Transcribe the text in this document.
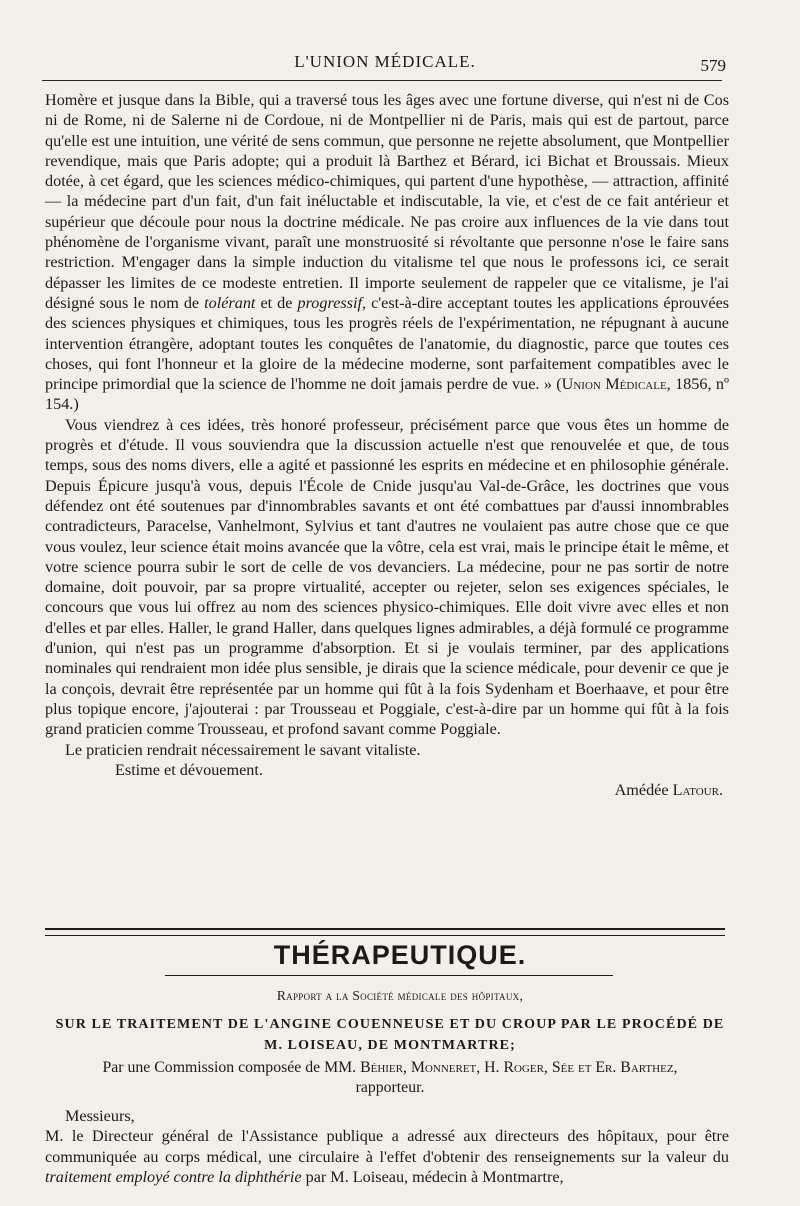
L'UNION MÉDICALE.	579

Homère et jusque dans la Bible, qui a traversé tous les âges avec une fortune diverse, qui n'est ni de Cos ni de Rome, ni de Salerne ni de Cordoue, ni de Montpellier ni de Paris, mais qui est de partout, parce qu'elle est une intuition, une vérité de sens commun, que personne ne rejette absolument, que Montpellier revendique, mais que Paris adopte; qui a produit là Barthez et Bérard, ici Bichat et Broussais. Mieux dotée, à cet égard, que les sciences médico-chimiques, qui partent d'une hypothèse, — attraction, affinité — la médecine part d'un fait, d'un fait inéluctable et indiscutable, la vie, et c'est de ce fait antérieur et supérieur que découle pour nous la doctrine médicale. Ne pas croire aux influences de la vie dans tout phénomène de l'organisme vivant, paraît une monstruosité si révoltante que personne n'ose le faire sans restriction. M'engager dans la simple induction du vitalisme tel que nous le professons ici, ce serait dépasser les limites de ce modeste entretien. Il importe seulement de rappeler que ce vitalisme, je l'ai désigné sous le nom de tolérant et de progressif, c'est-à-dire acceptant toutes les applications éprouvées des sciences physiques et chimiques, tous les progrès réels de l'expérimentation, ne répugnant à aucune intervention étrangère, adoptant toutes les conquêtes de l'anatomie, du diagnostic, parce que toutes ces choses, qui font l'honneur et la gloire de la médecine moderne, sont parfaitement compatibles avec le principe primordial que la science de l'homme ne doit jamais perdre de vue. » (Union Médicale, 1856, nº 154.)

Vous viendrez à ces idées, très honoré professeur, précisément parce que vous êtes un homme de progrès et d'étude. Il vous souviendra que la discussion actuelle n'est que renouvelée et que, de tous temps, sous des noms divers, elle a agité et passionné les esprits en médecine et en philosophie générale. Depuis Épicure jusqu'à vous, depuis l'École de Cnide jusqu'au Val-de-Grâce, les doctrines que vous défendez ont été soutenues par d'innombrables savants et ont été combattues par d'aussi innombrables contradicteurs, Paracelse, Vanhelmont, Sylvius et tant d'autres ne voulaient pas autre chose que ce que vous voulez, leur science était moins avancée que la vôtre, cela est vrai, mais le principe était le même, et votre science pourra subir le sort de celle de vos devanciers. La médecine, pour ne pas sortir de notre domaine, doit pouvoir, par sa propre virtualité, accepter ou rejeter, selon ses exigences spéciales, le concours que vous lui offrez au nom des sciences physico-chimiques. Elle doit vivre avec elles et non d'elles et par elles. Haller, le grand Haller, dans quelques lignes admirables, a déjà formulé ce programme d'union, qui n'est pas un programme d'absorption. Et si je voulais terminer, par des applications nominales qui rendraient mon idée plus sensible, je dirais que la science médicale, pour devenir ce que je la conçois, devrait être représentée par un homme qui fût à la fois Sydenham et Boerhaave, et pour être plus topique encore, j'ajouterai : par Trousseau et Poggiale, c'est-à-dire par un homme qui fût à la fois grand praticien comme Trousseau, et profond savant comme Poggiale.

Le praticien rendrait nécessairement le savant vitaliste.

Estime et dévouement.

Amédée Latour.

THÉRAPEUTIQUE.
Rapport a la Société médicale des hôpitaux,
SUR LE TRAITEMENT DE L'ANGINE COUENNEUSE ET DU CROUP PAR LE PROCÉDÉ DE
M. LOISEAU, DE MONTMARTRE;
Par une Commission composée de MM. Béhier, Monneret, H. Roger, Sée et Er. Barthez,
rapporteur.

Messieurs,

M. le Directeur général de l'Assistance publique a adressé aux directeurs des hôpitaux, pour être communiquée au corps médical, une circulaire à l'effet d'obtenir des renseignements sur la valeur du traitement employé contre la diphthérie par M. Loiseau, médecin à Montmartre,
